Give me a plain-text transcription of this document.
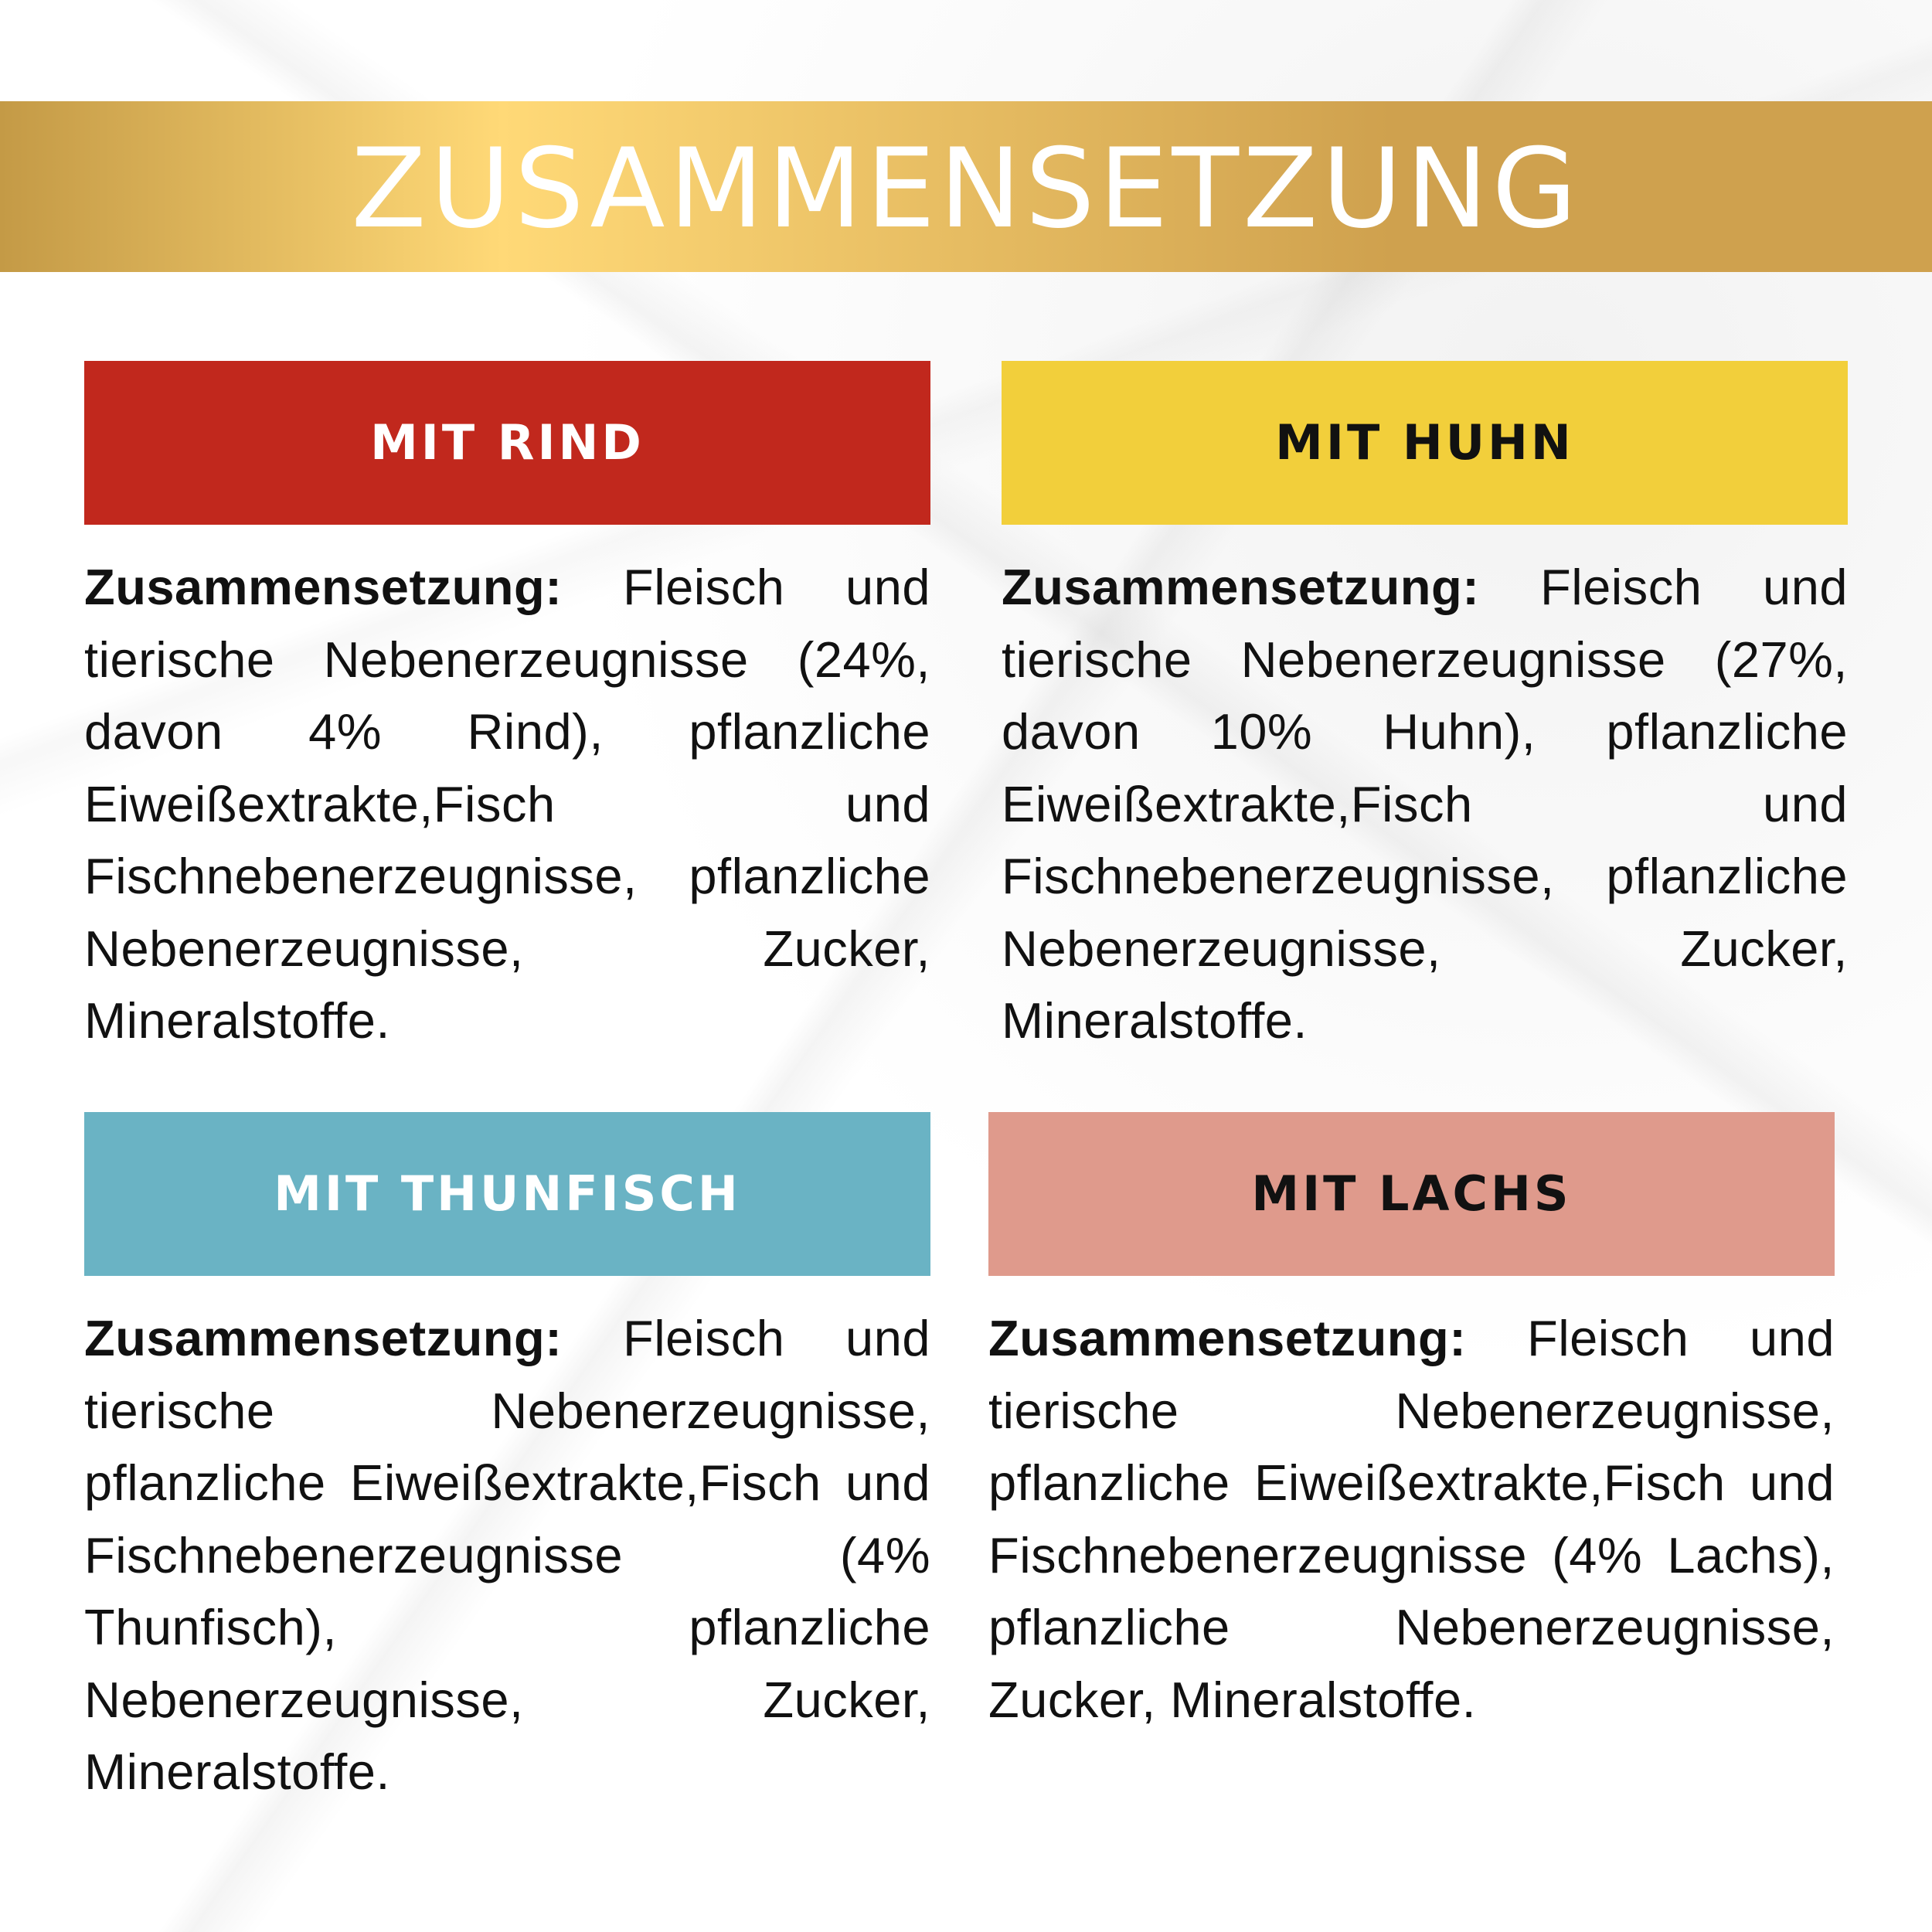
ZUSAMMENSETZUNG
MIT RIND
Zusammensetzung: Fleisch und tierische Nebenerzeugnisse (24%, davon 4% Rind), pflanzliche Eiweißextrakte,Fisch und Fischnebenerzeugnisse, pflanzliche Nebenerzeugnisse, Zucker, Mineralstoffe.
MIT HUHN
Zusammensetzung: Fleisch und tierische Nebenerzeugnisse (27%, davon 10% Huhn), pflanzliche Eiweißextrakte,Fisch und Fischnebenerzeugnisse, pflanzliche Nebenerzeugnisse, Zucker, Mineralstoffe.
MIT THUNFISCH
Zusammensetzung: Fleisch und tierische Nebenerzeugnisse, pflanzliche Eiweißextrakte,Fisch und Fischnebenerzeugnisse (4% Thunfisch), pflanzliche Nebenerzeugnisse, Zucker, Mineralstoffe.
MIT LACHS
Zusammensetzung: Fleisch und tierische Nebenerzeugnisse, pflanzliche Eiweißextrakte,Fisch und Fischnebenerzeugnisse (4% Lachs), pflanzliche Nebenerzeugnisse, Zucker, Mineralstoffe.
